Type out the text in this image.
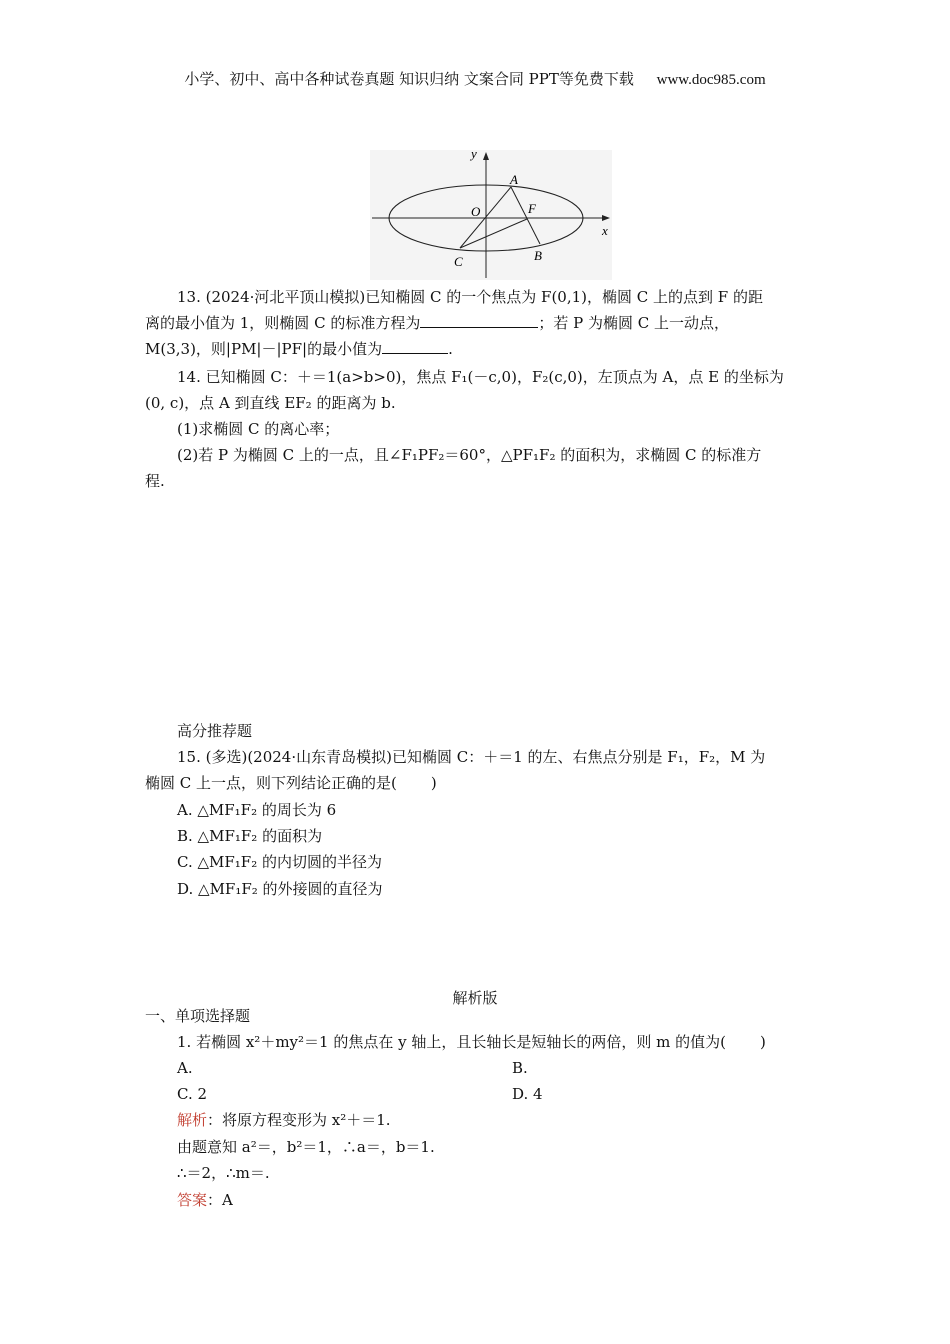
小学、初中、高中各种试卷真题 知识归纳 文案合同 PPT等免费下载 www.doc985.com
y
x
A
O	F
C	B
13. (2024·河北平顶山模拟)已知椭圆 C 的一个焦点为 F(0,1)，椭圆 C 上的点到 F 的距
离的最小值为 1，则椭圆 C 的标准方程为	；若 P 为椭圆 C 上一动点，
M(3,3)，则|PM|－|PF|的最小值为	.
14. 已知椭圆 C：＋＝1(a>b>0)，焦点 F₁(－c,0)，F₂(c,0)，左顶点为 A，点 E 的坐标为
(0, c)，点 A 到直线 EF₂ 的距离为 b.
(1)求椭圆 C 的离心率；
(2)若 P 为椭圆 C 上的一点，且∠F₁PF₂＝60°，△PF₁F₂ 的面积为，求椭圆 C 的标准方
程.
高分推荐题
15. (多选)(2024·山东青岛模拟)已知椭圆 C：＋＝1 的左、右焦点分别是 F₁，F₂，M 为
椭圆 C 上一点，则下列结论正确的是( )
A. △MF₁F₂ 的周长为 6
B. △MF₁F₂ 的面积为
C. △MF₁F₂ 的内切圆的半径为
D. △MF₁F₂ 的外接圆的直径为
解析版
一、单项选择题
1. 若椭圆 x²＋my²＝1 的焦点在 y 轴上，且长轴长是短轴长的两倍，则 m 的值为( )
A.	B.
C. 2	D. 4
解析：将原方程变形为 x²＋＝1.
由题意知 a²＝，b²＝1，∴a＝，b＝1.
∴＝2，∴m＝.
答案：A
